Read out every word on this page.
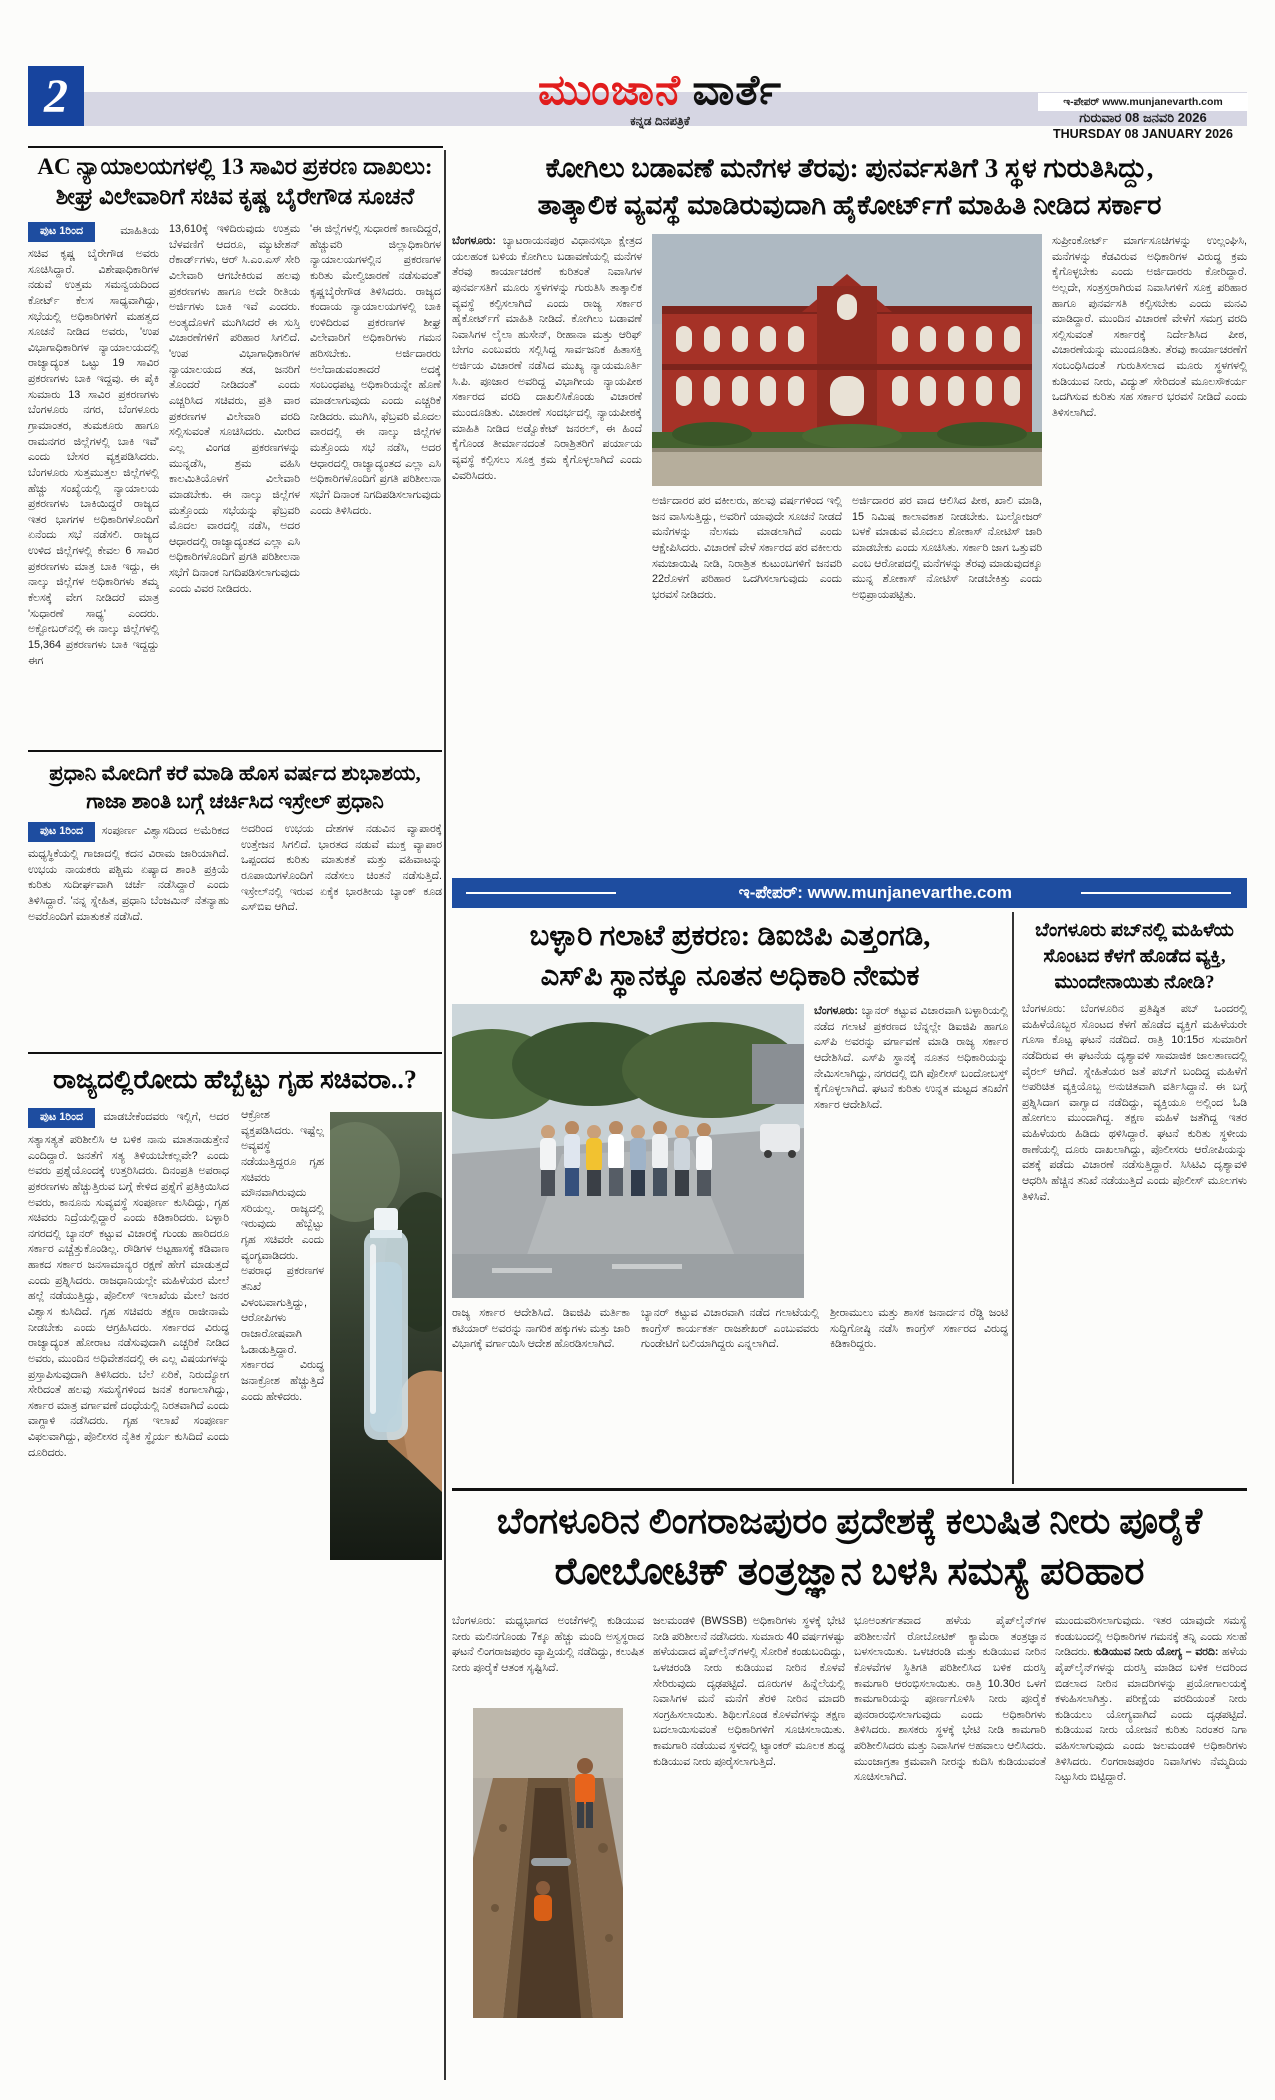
2	ಮುಂಜಾನೆ ವಾರ್ತೆ
ಕನ್ನಡ ದಿನಪತ್ರಿಕೆ
ಇ-ಪೇಪರ್ www.munjanevarth.com
ಗುರುವಾರ 08 ಜನವರಿ 2026
THURSDAY 08 JANUARY 2026
AC ನ್ಯಾಯಾಲಯಗಳಲ್ಲಿ 13 ಸಾವಿರ ಪ್ರಕರಣ ದಾಖಲು:
ಶೀಘ್ರ ವಿಲೇವಾರಿಗೆ ಸಚಿವ ಕೃಷ್ಣ ಬೈರೇಗೌಡ ಸೂಚನೆ
ಪುಟ 1ರಿಂದ	ಮಾಹಿತಿಯ ಸಚಿವ ಕೃಷ್ಣ ಬೈರೇಗೌಡ ಅವರು ಸೂಚಿಸಿದ್ದಾರೆ. ವಿಶೇಷಾಧಿಕಾರಿಗಳ ನಡುವೆ ಉತ್ತಮ ಸಮನ್ವಯದಿಂದ ಕೋರ್ಟ್ ಕೆಲಸ ಸಾಧ್ಯವಾಗಿದ್ದು, ಸಭೆಯಲ್ಲಿ ಅಧಿಕಾರಿಗಳಿಗೆ ಮಹತ್ವದ ಸೂಚನೆ ನೀಡಿದ ಅವರು, 'ಉಪ ವಿಭಾಗಾಧಿಕಾರಿಗಳ ನ್ಯಾಯಾಲಯದಲ್ಲಿ ರಾಜ್ಯಾದ್ಯಂತ ಒಟ್ಟು 19 ಸಾವಿರ ಪ್ರಕರಣಗಳು ಬಾಕಿ ಇದ್ದವು. ಈ ಪೈಕಿ ಸುಮಾರು 13 ಸಾವಿರ ಪ್ರಕರಣಗಳು ಬೆಂಗಳೂರು ನಗರ, ಬೆಂಗಳೂರು ಗ್ರಾಮಾಂತರ, ತುಮಕೂರು ಹಾಗೂ ರಾಮನಗರ ಜಿಲ್ಲೆಗಳಲ್ಲಿ ಬಾಕಿ ಇವೆ' ಎಂದು ಬೇಸರ ವ್ಯಕ್ತಪಡಿಸಿದರು. ಬೆಂಗಳೂರು ಸುತ್ತಮುತ್ತಲ ಜಿಲ್ಲೆಗಳಲ್ಲಿ ಹೆಚ್ಚು ಸಂಖ್ಯೆಯಲ್ಲಿ ನ್ಯಾಯಾಲಯ ಪ್ರಕರಣಗಳು ಬಾಕಿಯಿದ್ದರೆ ರಾಜ್ಯದ ಇತರ ಭಾಗಗಳ ಅಧಿಕಾರಿಗಳೊಂದಿಗೆ ಏನೆಂದು ಸಭೆ ನಡೆಸಲಿ. ರಾಜ್ಯದ ಉಳಿದ ಜಿಲ್ಲೆಗಳಲ್ಲಿ ಕೇವಲ 6 ಸಾವಿರ ಪ್ರಕರಣಗಳು ಮಾತ್ರ ಬಾಕಿ ಇದ್ದು, ಈ ನಾಲ್ಕು ಜಿಲ್ಲೆಗಳ ಅಧಿಕಾರಿಗಳು ತಮ್ಮ ಕೆಲಸಕ್ಕೆ ವೇಗ ನೀಡಿದರೆ ಮಾತ್ರ 'ಸುಧಾರಣೆ ಸಾಧ್ಯ' ಎಂದರು. ಅಕ್ಟೋಬರ್‌ನಲ್ಲಿ ಈ ನಾಲ್ಕು ಜಿಲ್ಲೆಗಳಲ್ಲಿ 15,364 ಪ್ರಕರಣಗಳು ಬಾಕಿ ಇದ್ದದ್ದು ಈಗ
13,610ಕ್ಕೆ ಇಳಿದಿರುವುದು ಉತ್ತಮ ಬೆಳವಣಿಗೆ ಆದರೂ, ಮ್ಯುಟೇಶನ್‌ ರೆಕಾರ್ಡ್‌ಗಳು, ಆರ್ ಸಿ.ಎಂ.ಎಸ್ ಸೇರಿ ವಿಲೇವಾರಿ ಆಗಬೇಕಿರುವ ಹಲವು ಪ್ರಕರಣಗಳು ಹಾಗೂ ಅದೇ ರೀತಿಯ ಅರ್ಜಿಗಳು ಬಾಕಿ ಇವೆ ಎಂದರು. ಅಂತ್ಯದೊಳಗೆ ಮುಗಿಸಿದರೆ ಈ ಸುಸ್ತಿ ವಿಚಾರಣೆಗಳಿಗೆ ಪರಿಹಾರ ಸಿಗಲಿದೆ. 'ಉಪ ವಿಭಾಗಾಧಿಕಾರಿಗಳ ನ್ಯಾಯಾಲಯದ ತಡ, ಜನರಿಗೆ ತೊಂದರೆ ನೀಡಿದಂತೆ' ಎಂದು ಎಚ್ಚರಿಸಿದ ಸಚಿವರು, ಪ್ರತಿ ವಾರ ಪ್ರಕರಣಗಳ ವಿಲೇವಾರಿ ವರದಿ ಸಲ್ಲಿಸುವಂತೆ ಸೂಚಿಸಿದರು. ಮೀರಿದ ಎಲ್ಲ ವಿಂಗಡ ಪ್ರಕರಣಗಳನ್ನು ಮುನ್ನಡೆಸಿ, ಶ್ರಮ ವಹಿಸಿ ಕಾಲಮಿತಿಯೊಳಗೆ ವಿಲೇವಾರಿ ಮಾಡಬೇಕು. ಈ ನಾಲ್ಕು ಜಿಲ್ಲೆಗಳ ಮತ್ತೊಂದು ಸಭೆಯನ್ನು ಫೆಬ್ರವರಿ ಮೊದಲ ವಾರದಲ್ಲಿ ನಡೆಸಿ, ಅದರ ಆಧಾರದಲ್ಲಿ ರಾಜ್ಯಾದ್ಯಂತದ ಎಲ್ಲಾ ಎಸಿ ಅಧಿಕಾರಿಗಳೊಂದಿಗೆ ಪ್ರಗತಿ ಪರಿಶೀಲನಾ ಸಭೆಗೆ ದಿನಾಂಕ ನಿಗದಿಪಡಿಸಲಾಗುವುದು ಎಂದು ವಿವರ ನೀಡಿದರು.
'ಈ ಜಿಲ್ಲೆಗಳಲ್ಲಿ ಸುಧಾರಣೆ ಕಾಣದಿದ್ದರೆ, ಹೆಚ್ಚುವರಿ ಜಿಲ್ಲಾಧಿಕಾರಿಗಳ ನ್ಯಾಯಾಲಯಗಳಲ್ಲಿನ ಪ್ರಕರಣಗಳ ಕುರಿತು ಮೇಲ್ವಿಚಾರಣೆ ನಡೆಸುವಂತೆ' ಕೃಷ್ಣಬೈರೇಗೌಡ ತಿಳಿಸಿದರು. ರಾಜ್ಯದ ಕಂದಾಯ ನ್ಯಾಯಾಲಯಗಳಲ್ಲಿ ಬಾಕಿ ಉಳಿದಿರುವ ಪ್ರಕರಣಗಳ ಶೀಘ್ರ ವಿಲೇವಾರಿಗೆ ಅಧಿಕಾರಿಗಳು ಗಮನ ಹರಿಸಬೇಕು. ಅರ್ಜಿದಾರರು ಅಲೆದಾಡುವಂತಾದರೆ ಅದಕ್ಕೆ ಸಂಬಂಧಪಟ್ಟ ಅಧಿಕಾರಿಯನ್ನೇ ಹೊಣೆ ಮಾಡಲಾಗುವುದು ಎಂದು ಎಚ್ಚರಿಕೆ ನೀಡಿದರು. ಮುಗಿಸಿ, ಫೆಬ್ರವರಿ ಮೊದಲ ವಾರದಲ್ಲಿ ಈ ನಾಲ್ಕು ಜಿಲ್ಲೆಗಳ ಮತ್ತೊಂದು ಸಭೆ ನಡೆಸಿ, ಅದರ ಆಧಾರದಲ್ಲಿ ರಾಜ್ಯಾದ್ಯಂತದ ಎಲ್ಲಾ ಎಸಿ ಅಧಿಕಾರಿಗಳೊಂದಿಗೆ ಪ್ರಗತಿ ಪರಿಶೀಲನಾ ಸಭೆಗೆ ದಿನಾಂಕ ನಿಗದಿಪಡಿಸಲಾಗುವುದು ಎಂದು ತಿಳಿಸಿದರು.
ಪ್ರಧಾನಿ ಮೋದಿಗೆ ಕರೆ ಮಾಡಿ ಹೊಸ ವರ್ಷದ ಶುಭಾಶಯ,
ಗಾಜಾ ಶಾಂತಿ ಬಗ್ಗೆ ಚರ್ಚಿಸಿದ ಇಸ್ರೇಲ್ ಪ್ರಧಾನಿ
ಪುಟ 1ರಿಂದ ಸಂಪೂರ್ಣ ವಿಶ್ವಾಸದಿಂದ ಅಮೆರಿಕದ ಮಧ್ಯಸ್ಥಿಕೆಯಲ್ಲಿ ಗಾಜಾದಲ್ಲಿ ಕದನ ವಿರಾಮ ಜಾರಿಯಾಗಿದೆ. ಉಭಯ ನಾಯಕರು ಪಶ್ಚಿಮ ಏಷ್ಯಾದ ಶಾಂತಿ ಪ್ರಕ್ರಿಯೆ ಕುರಿತು ಸುದೀರ್ಘವಾಗಿ ಚರ್ಚೆ ನಡೆಸಿದ್ದಾರೆ ಎಂದು ತಿಳಿಸಿದ್ದಾರೆ. 'ನನ್ನ ಸ್ನೇಹಿತ, ಪ್ರಧಾನಿ ಬೆಂಜಮಿನ್ ನೆತನ್ಯಾಹು ಅವರೊಂದಿಗೆ ಮಾತುಕತೆ ನಡೆಸಿದೆ.
ಅದರಿಂದ ಉಭಯ ದೇಶಗಳ ನಡುವಿನ ವ್ಯಾಪಾರಕ್ಕೆ ಉತ್ತೇಜನ ಸಿಗಲಿದೆ. ಭಾರತದ ನಡುವೆ ಮುಕ್ತ ವ್ಯಾಪಾರ ಒಪ್ಪಂದದ ಕುರಿತು ಮಾತುಕತೆ ಮತ್ತು ವಹಿವಾಟನ್ನು ರೂಪಾಯಿಗಳೊಂದಿಗೆ ನಡೆಸಲು ಚಿಂತನೆ ನಡೆಸುತ್ತಿದೆ. ಇಸ್ರೇಲ್‌ನಲ್ಲಿ ಇರುವ ಏಕೈಕ ಭಾರತೀಯ ಬ್ಯಾಂಕ್ ಕೂಡ ಎಸ್‌ಬಿಐ ಆಗಿದೆ.
ರಾಜ್ಯದಲ್ಲಿರೋದು ಹೆಬ್ಬೆಟ್ಟು ಗೃಹ ಸಚಿವರಾ..?
ಪುಟ 1ರಿಂದ ಮಾಡಬೇಕೆಂದವರು ಇಲ್ಲಿಗೆ, ಅದರ ಸತ್ಯಾಸತ್ಯತೆ ಪರಿಶೀಲಿಸಿ ಆ ಬಳಿಕ ನಾನು ಮಾತನಾಡುತ್ತೇನೆ ಎಂದಿದ್ದಾರೆ. ಜನತೆಗೆ ಸತ್ಯ ತಿಳಿಯಬೇಕಲ್ಲವೇ? ಎಂದು ಅವರು ಪ್ರಶ್ನೆಯೊಂದಕ್ಕೆ ಉತ್ತರಿಸಿದರು. ದಿನಂಪ್ರತಿ ಅಪರಾಧ ಪ್ರಕರಣಗಳು ಹೆಚ್ಚುತ್ತಿರುವ ಬಗ್ಗೆ ಕೇಳಿದ ಪ್ರಶ್ನೆಗೆ ಪ್ರತಿಕ್ರಿಯಿಸಿದ ಅವರು, ಕಾನೂನು ಸುವ್ಯವಸ್ಥೆ ಸಂಪೂರ್ಣ ಕುಸಿದಿದ್ದು, ಗೃಹ ಸಚಿವರು ನಿದ್ರೆಯಲ್ಲಿದ್ದಾರೆ ಎಂದು ಕಿಡಿಕಾರಿದರು. ಬಳ್ಳಾರಿ ನಗರದಲ್ಲಿ ಬ್ಯಾನರ್ ಕಟ್ಟುವ ವಿಚಾರಕ್ಕೆ ಗುಂಡು ಹಾರಿದರೂ ಸರ್ಕಾರ ಎಚ್ಚೆತ್ತುಕೊಂಡಿಲ್ಲ. ರೌಡಿಗಳ ಅಟ್ಟಹಾಸಕ್ಕೆ ಕಡಿವಾಣ ಹಾಕದ ಸರ್ಕಾರ ಜನಸಾಮಾನ್ಯರ ರಕ್ಷಣೆ ಹೇಗೆ ಮಾಡುತ್ತದೆ ಎಂದು ಪ್ರಶ್ನಿಸಿದರು. ರಾಜಧಾನಿಯಲ್ಲೇ ಮಹಿಳೆಯರ ಮೇಲೆ ಹಲ್ಲೆ ನಡೆಯುತ್ತಿದ್ದು, ಪೊಲೀಸ್ ಇಲಾಖೆಯ ಮೇಲೆ ಜನರ ವಿಶ್ವಾಸ ಕುಸಿದಿದೆ. ಗೃಹ ಸಚಿವರು ತಕ್ಷಣ ರಾಜೀನಾಮೆ ನೀಡಬೇಕು ಎಂದು ಆಗ್ರಹಿಸಿದರು. ಸರ್ಕಾರದ ವಿರುದ್ಧ ರಾಜ್ಯಾದ್ಯಂತ ಹೋರಾಟ ನಡೆಸುವುದಾಗಿ ಎಚ್ಚರಿಕೆ ನೀಡಿದ ಅವರು, ಮುಂದಿನ ಅಧಿವೇಶನದಲ್ಲಿ ಈ ಎಲ್ಲ ವಿಷಯಗಳನ್ನು ಪ್ರಸ್ತಾಪಿಸುವುದಾಗಿ ತಿಳಿಸಿದರು. ಬೆಲೆ ಏರಿಕೆ, ನಿರುದ್ಯೋಗ ಸೇರಿದಂತೆ ಹಲವು ಸಮಸ್ಯೆಗಳಿಂದ ಜನತೆ ಕಂಗಾಲಾಗಿದ್ದು, ಸರ್ಕಾರ ಮಾತ್ರ ವರ್ಗಾವಣೆ ದಂಧೆಯಲ್ಲಿ ನಿರತವಾಗಿದೆ ಎಂದು ವಾಗ್ದಾಳಿ ನಡೆಸಿದರು. ಗೃಹ ಇಲಾಖೆ ಸಂಪೂರ್ಣ ವಿಫಲವಾಗಿದ್ದು, ಪೊಲೀಸರ ನೈತಿಕ ಸ್ಥೈರ್ಯ ಕುಸಿದಿದೆ ಎಂದು ದೂರಿದರು.
ಆಕ್ರೋಶ ವ್ಯಕ್ತಪಡಿಸಿದರು. ಇಷ್ಟೆಲ್ಲ ಅವ್ಯವಸ್ಥೆ ನಡೆಯುತ್ತಿದ್ದರೂ ಗೃಹ ಸಚಿವರು ಮೌನವಾಗಿರುವುದು ಸರಿಯಲ್ಲ. ರಾಜ್ಯದಲ್ಲಿ ಇರುವುದು ಹೆಬ್ಬೆಟ್ಟು ಗೃಹ ಸಚಿವರೇ ಎಂದು ವ್ಯಂಗ್ಯವಾಡಿದರು. ಅಪರಾಧ ಪ್ರಕರಣಗಳ ತನಿಖೆ ವಿಳಂಬವಾಗುತ್ತಿದ್ದು, ಆರೋಪಿಗಳು ರಾಜಾರೋಷವಾಗಿ ಓಡಾಡುತ್ತಿದ್ದಾರೆ. ಸರ್ಕಾರದ ವಿರುದ್ಧ ಜನಾಕ್ರೋಶ ಹೆಚ್ಚುತ್ತಿದೆ ಎಂದು ಹೇಳಿದರು.
ಕೋಗಿಲು ಬಡಾವಣೆ ಮನೆಗಳ ತೆರವು: ಪುನರ್ವಸತಿಗೆ 3 ಸ್ಥಳ ಗುರುತಿಸಿದ್ದು,
ತಾತ್ಕಾಲಿಕ ವ್ಯವಸ್ಥೆ ಮಾಡಿರುವುದಾಗಿ ಹೈಕೋರ್ಟ್‌ಗೆ ಮಾಹಿತಿ ನೀಡಿದ ಸರ್ಕಾರ
ಬೆಂಗಳೂರು: ಬ್ಯಾಟರಾಯನಪುರ ವಿಧಾನಸಭಾ ಕ್ಷೇತ್ರದ ಯಲಹಂಕ ಬಳಿಯ ಕೋಗಿಲು ಬಡಾವಣೆಯಲ್ಲಿ ಮನೆಗಳ ತೆರವು ಕಾರ್ಯಾಚರಣೆ ಕುರಿತಂತೆ ನಿವಾಸಿಗಳ ಪುನರ್ವಸತಿಗೆ ಮೂರು ಸ್ಥಳಗಳನ್ನು ಗುರುತಿಸಿ ತಾತ್ಕಾಲಿಕ ವ್ಯವಸ್ಥೆ ಕಲ್ಪಿಸಲಾಗಿದೆ ಎಂದು ರಾಜ್ಯ ಸರ್ಕಾರ ಹೈಕೋರ್ಟ್‌ಗೆ ಮಾಹಿತಿ ನೀಡಿದೆ. ಕೋಗಿಲು ಬಡಾವಣೆ ನಿವಾಸಿಗಳ ಲೈಲಾ ಹುಸೇನ್, ರೀಹಾನಾ ಮತ್ತು ಆರಿಫ್ ಬೇಗಂ ಎಂಬುವರು ಸಲ್ಲಿಸಿದ್ದ ಸಾರ್ವಜನಿಕ ಹಿತಾಸಕ್ತಿ ಅರ್ಜಿಯ ವಿಚಾರಣೆ ನಡೆಸಿದ ಮುಖ್ಯ ನ್ಯಾಯಮೂರ್ತಿ ಸಿ.ಪಿ. ಪೂಜಾರ ಅವರಿದ್ದ ವಿಭಾಗೀಯ ನ್ಯಾಯಪೀಠ ಸರ್ಕಾರದ ವರದಿ ದಾಖಲಿಸಿಕೊಂಡು ವಿಚಾರಣೆ ಮುಂದೂಡಿತು. ವಿಚಾರಣೆ ಸಂದರ್ಭದಲ್ಲಿ ನ್ಯಾಯಪೀಠಕ್ಕೆ ಮಾಹಿತಿ ನೀಡಿದ ಅಡ್ವೊಕೇಟ್ ಜನರಲ್, ಈ ಹಿಂದೆ ಕೈಗೊಂಡ ತೀರ್ಮಾನದಂತೆ ನಿರಾಶ್ರಿತರಿಗೆ ಪರ್ಯಾಯ ವ್ಯವಸ್ಥೆ ಕಲ್ಪಿಸಲು ಸೂಕ್ತ ಕ್ರಮ ಕೈಗೊಳ್ಳಲಾಗಿದೆ ಎಂದು ವಿವರಿಸಿದರು.
ಅರ್ಜಿದಾರರ ಪರ ವಕೀಲರು, ಹಲವು ವರ್ಷಗಳಿಂದ ಇಲ್ಲಿ ಜನ ವಾಸಿಸುತ್ತಿದ್ದು, ಅವರಿಗೆ ಯಾವುದೇ ಸೂಚನೆ ನೀಡದೆ ಮನೆಗಳನ್ನು ನೆಲಸಮ ಮಾಡಲಾಗಿದೆ ಎಂದು ಆಕ್ಷೇಪಿಸಿದರು. ವಿಚಾರಣೆ ವೇಳೆ ಸರ್ಕಾರದ ಪರ ವಕೀಲರು ಸಮಜಾಯಿಷಿ ನೀಡಿ, ನಿರಾಶ್ರಿತ ಕುಟುಂಬಗಳಿಗೆ ಜನವರಿ 22ರೊಳಗೆ ಪರಿಹಾರ ಒದಗಿಸಲಾಗುವುದು ಎಂದು ಭರವಸೆ ನೀಡಿದರು.
ಅರ್ಜಿದಾರರ ಪರ ವಾದ ಆಲಿಸಿದ ಪೀಠ, ಖಾಲಿ ಮಾಡಿ, 15 ನಿಮಿಷ ಕಾಲಾವಕಾಶ ನೀಡಬೇಕು. ಬುಲ್ಡೋಜರ್ ಬಳಕೆ ಮಾಡುವ ಮೊದಲು ಶೋಕಾಸ್ ನೋಟಿಸ್ ಜಾರಿ ಮಾಡಬೇಕು ಎಂದು ಸೂಚಿಸಿತು. ಸರ್ಕಾರಿ ಜಾಗ ಒತ್ತುವರಿ ಎಂಬ ಆರೋಪದಲ್ಲಿ ಮನೆಗಳನ್ನು ತೆರವು ಮಾಡುವುದಕ್ಕೂ ಮುನ್ನ ಶೋಕಾಸ್ ನೋಟಿಸ್ ನೀಡಬೇಕಿತ್ತು ಎಂದು ಅಭಿಪ್ರಾಯಪಟ್ಟಿತು.
ಸುಪ್ರೀಂಕೋರ್ಟ್ ಮಾರ್ಗಸೂಚಿಗಳನ್ನು ಉಲ್ಲಂಘಿಸಿ, ಮನೆಗಳನ್ನು ಕೆಡವಿರುವ ಅಧಿಕಾರಿಗಳ ವಿರುದ್ಧ ಕ್ರಮ ಕೈಗೊಳ್ಳಬೇಕು ಎಂದು ಅರ್ಜಿದಾರರು ಕೋರಿದ್ದಾರೆ. ಅಲ್ಲದೇ, ಸಂತ್ರಸ್ತರಾಗಿರುವ ನಿವಾಸಿಗಳಿಗೆ ಸೂಕ್ತ ಪರಿಹಾರ ಹಾಗೂ ಪುನರ್ವಸತಿ ಕಲ್ಪಿಸಬೇಕು ಎಂದು ಮನವಿ ಮಾಡಿದ್ದಾರೆ. ಮುಂದಿನ ವಿಚಾರಣೆ ವೇಳೆಗೆ ಸಮಗ್ರ ವರದಿ ಸಲ್ಲಿಸುವಂತೆ ಸರ್ಕಾರಕ್ಕೆ ನಿರ್ದೇಶಿಸಿದ ಪೀಠ, ವಿಚಾರಣೆಯನ್ನು ಮುಂದೂಡಿತು. ತೆರವು ಕಾರ್ಯಾಚರಣೆಗೆ ಸಂಬಂಧಿಸಿದಂತೆ ಗುರುತಿಸಲಾದ ಮೂರು ಸ್ಥಳಗಳಲ್ಲಿ ಕುಡಿಯುವ ನೀರು, ವಿದ್ಯುತ್ ಸೇರಿದಂತೆ ಮೂಲಸೌಕರ್ಯ ಒದಗಿಸುವ ಕುರಿತು ಸಹ ಸರ್ಕಾರ ಭರವಸೆ ನೀಡಿದೆ ಎಂದು ತಿಳಿಸಲಾಗಿದೆ.
ಇ-ಪೇಪರ್: www.munjanevarthe.com
ಬಳ್ಳಾರಿ ಗಲಾಟೆ ಪ್ರಕರಣ: ಡಿಐಜಿಪಿ ಎತ್ತಂಗಡಿ,
ಎಸ್‌ಪಿ ಸ್ಥಾನಕ್ಕೂ ನೂತನ ಅಧಿಕಾರಿ ನೇಮಕ
ಬೆಂಗಳೂರು: ಬ್ಯಾನರ್ ಕಟ್ಟುವ ವಿಚಾರವಾಗಿ ಬಳ್ಳಾರಿಯಲ್ಲಿ ನಡೆದ ಗಲಾಟೆ ಪ್ರಕರಣದ ಬೆನ್ನಲ್ಲೇ ಡಿಐಜಿಪಿ ಹಾಗೂ ಎಸ್‌ಪಿ ಅವರನ್ನು ವರ್ಗಾವಣೆ ಮಾಡಿ ರಾಜ್ಯ ಸರ್ಕಾರ ಆದೇಶಿಸಿದೆ. ಎಸ್‌ಪಿ ಸ್ಥಾನಕ್ಕೆ ನೂತನ ಅಧಿಕಾರಿಯನ್ನು ನೇಮಿಸಲಾಗಿದ್ದು, ನಗರದಲ್ಲಿ ಬಿಗಿ ಪೊಲೀಸ್ ಬಂದೋಬಸ್ತ್ ಕೈಗೊಳ್ಳಲಾಗಿದೆ. ಘಟನೆ ಕುರಿತು ಉನ್ನತ ಮಟ್ಟದ ತನಿಖೆಗೆ ಸರ್ಕಾರ ಆದೇಶಿಸಿದೆ.
ರಾಜ್ಯ ಸರ್ಕಾರ ಆದೇಶಿಸಿದೆ. ಡಿಐಜಿಪಿ ಮರ್ತಿಕಾ ಕಟಿಯಾರ್ ಅವರನ್ನು ನಾಗರಿಕ ಹಕ್ಕುಗಳು ಮತ್ತು ಜಾರಿ ವಿಭಾಗಕ್ಕೆ ವರ್ಗಾಯಿಸಿ ಆದೇಶ ಹೊರಡಿಸಲಾಗಿದೆ.
ಬ್ಯಾನರ್ ಕಟ್ಟುವ ವಿಚಾರವಾಗಿ ನಡೆದ ಗಲಾಟೆಯಲ್ಲಿ ಕಾಂಗ್ರೆಸ್ ಕಾರ್ಯಕರ್ತ ರಾಜಶೇಖರ್ ಎಂಬುವವರು ಗುಂಡೇಟಿಗೆ ಬಲಿಯಾಗಿದ್ದರು ಎನ್ನಲಾಗಿದೆ.
ಶ್ರೀರಾಮುಲು ಮತ್ತು ಶಾಸಕ ಜನಾರ್ದನ ರೆಡ್ಡಿ ಜಂಟಿ ಸುದ್ದಿಗೋಷ್ಠಿ ನಡೆಸಿ ಕಾಂಗ್ರೆಸ್ ಸರ್ಕಾರದ ವಿರುದ್ಧ ಕಿಡಿಕಾರಿದ್ದರು.
ಬೆಂಗಳೂರು ಪಬ್‌ನಲ್ಲಿ ಮಹಿಳೆಯ
ಸೊಂಟದ ಕೆಳಗೆ ಹೊಡೆದ ವ್ಯಕ್ತಿ,
ಮುಂದೇನಾಯಿತು ನೋಡಿ?
ಬೆಂಗಳೂರು: ಬೆಂಗಳೂರಿನ ಪ್ರತಿಷ್ಠಿತ ಪಬ್ ಒಂದರಲ್ಲಿ ಮಹಿಳೆಯೊಬ್ಬರ ಸೊಂಟದ ಕೆಳಗೆ ಹೊಡೆದ ವ್ಯಕ್ತಿಗೆ ಮಹಿಳೆಯರೇ ಗೂಸಾ ಕೊಟ್ಟ ಘಟನೆ ನಡೆದಿದೆ. ರಾತ್ರಿ 10:15ರ ಸುಮಾರಿಗೆ ನಡೆದಿರುವ ಈ ಘಟನೆಯ ದೃಶ್ಯಾವಳಿ ಸಾಮಾಜಿಕ ಜಾಲತಾಣದಲ್ಲಿ ವೈರಲ್ ಆಗಿದೆ. ಸ್ನೇಹಿತೆಯರ ಜತೆ ಪಬ್‌ಗೆ ಬಂದಿದ್ದ ಮಹಿಳೆಗೆ ಅಪರಿಚಿತ ವ್ಯಕ್ತಿಯೊಬ್ಬ ಅನುಚಿತವಾಗಿ ವರ್ತಿಸಿದ್ದಾನೆ. ಈ ಬಗ್ಗೆ ಪ್ರಶ್ನಿಸಿದಾಗ ವಾಗ್ವಾದ ನಡೆದಿದ್ದು, ವ್ಯಕ್ತಿಯೂ ಅಲ್ಲಿಂದ ಓಡಿ ಹೋಗಲು ಮುಂದಾಗಿದ್ದ. ತಕ್ಷಣ ಮಹಿಳೆ ಜತೆಗಿದ್ದ ಇತರ ಮಹಿಳೆಯರು ಹಿಡಿದು ಥಳಿಸಿದ್ದಾರೆ. ಘಟನೆ ಕುರಿತು ಸ್ಥಳೀಯ ಠಾಣೆಯಲ್ಲಿ ದೂರು ದಾಖಲಾಗಿದ್ದು, ಪೊಲೀಸರು ಆರೋಪಿಯನ್ನು ವಶಕ್ಕೆ ಪಡೆದು ವಿಚಾರಣೆ ನಡೆಸುತ್ತಿದ್ದಾರೆ. ಸಿಸಿಟಿವಿ ದೃಶ್ಯಾವಳಿ ಆಧರಿಸಿ ಹೆಚ್ಚಿನ ತನಿಖೆ ನಡೆಯುತ್ತಿದೆ ಎಂದು ಪೊಲೀಸ್ ಮೂಲಗಳು ತಿಳಿಸಿವೆ.
ಬೆಂಗಳೂರಿನ ಲಿಂಗರಾಜಪುರಂ ಪ್ರದೇಶಕ್ಕೆ ಕಲುಷಿತ ನೀರು ಪೂರೈಕೆ
ರೋಬೋಟಿಕ್ ತಂತ್ರಜ್ಞಾನ ಬಳಸಿ ಸಮಸ್ಯೆ ಪರಿಹಾರ
ಬೆಂಗಳೂರು: ಮಧ್ಯಭಾಗದ ಅಂಚೆಗಳಲ್ಲಿ ಕುಡಿಯುವ ನೀರು ಮಲಿನಗೊಂಡು 7ಕ್ಕೂ ಹೆಚ್ಚು ಮಂದಿ ಅಸ್ವಸ್ಥರಾದ ಘಟನೆ ಲಿಂಗರಾಜಪುರಂ ವ್ಯಾಪ್ತಿಯಲ್ಲಿ ನಡೆದಿದ್ದು, ಕಲುಷಿತ ನೀರು ಪೂರೈಕೆ ಆತಂಕ ಸೃಷ್ಟಿಸಿದೆ.
ಜಲಮಂಡಳಿ (BWSSB) ಅಧಿಕಾರಿಗಳು ಸ್ಥಳಕ್ಕೆ ಭೇಟಿ ನೀಡಿ ಪರಿಶೀಲನೆ ನಡೆಸಿದರು. ಸುಮಾರು 40 ವರ್ಷಗಳಷ್ಟು ಹಳೆಯದಾದ ಪೈಪ್‌ಲೈನ್‌ಗಳಲ್ಲಿ ಸೋರಿಕೆ ಕಂಡುಬಂದಿದ್ದು, ಒಳಚರಂಡಿ ನೀರು ಕುಡಿಯುವ ನೀರಿನ ಕೊಳವೆ ಸೇರಿರುವುದು ದೃಢಪಟ್ಟಿದೆ. ದೂರುಗಳ ಹಿನ್ನೆಲೆಯಲ್ಲಿ ನಿವಾಸಿಗಳ ಮನೆ ಮನೆಗೆ ತೆರಳಿ ನೀರಿನ ಮಾದರಿ ಸಂಗ್ರಹಿಸಲಾಯಿತು. ಶಿಥಿಲಗೊಂಡ ಕೊಳವೆಗಳನ್ನು ತಕ್ಷಣ ಬದಲಾಯಿಸುವಂತೆ ಅಧಿಕಾರಿಗಳಿಗೆ ಸೂಚಿಸಲಾಯಿತು. ಕಾಮಗಾರಿ ನಡೆಯುವ ಸ್ಥಳದಲ್ಲಿ ಟ್ಯಾಂಕರ್ ಮೂಲಕ ಶುದ್ಧ ಕುಡಿಯುವ ನೀರು ಪೂರೈಸಲಾಗುತ್ತಿದೆ.
ಭೂಅಂತರ್ಗತವಾದ ಹಳೆಯ ಪೈಪ್‌ಲೈನ್‌ಗಳ ಪರಿಶೀಲನೆಗೆ ರೋಬೋಟಿಕ್ ಕ್ಯಾಮೆರಾ ತಂತ್ರಜ್ಞಾನ ಬಳಸಲಾಯಿತು. ಒಳಚರಂಡಿ ಮತ್ತು ಕುಡಿಯುವ ನೀರಿನ ಕೊಳವೆಗಳ ಸ್ಥಿತಿಗತಿ ಪರಿಶೀಲಿಸಿದ ಬಳಿಕ ದುರಸ್ತಿ ಕಾಮಗಾರಿ ಆರಂಭಿಸಲಾಯಿತು. ರಾತ್ರಿ 10.30ರ ಒಳಗೆ ಕಾಮಗಾರಿಯನ್ನು ಪೂರ್ಣಗೊಳಿಸಿ ನೀರು ಪೂರೈಕೆ ಪುನರಾರಂಭಿಸಲಾಗುವುದು ಎಂದು ಅಧಿಕಾರಿಗಳು ತಿಳಿಸಿದರು. ಶಾಸಕರು ಸ್ಥಳಕ್ಕೆ ಭೇಟಿ ನೀಡಿ ಕಾಮಗಾರಿ ಪರಿಶೀಲಿಸಿದರು ಮತ್ತು ನಿವಾಸಿಗಳ ಅಹವಾಲು ಆಲಿಸಿದರು. ಮುಂಜಾಗ್ರತಾ ಕ್ರಮವಾಗಿ ನೀರನ್ನು ಕುದಿಸಿ ಕುಡಿಯುವಂತೆ ಸೂಚಿಸಲಾಗಿದೆ.
ಮುಂದುವರಿಸಲಾಗುವುದು. ಇತರ ಯಾವುದೇ ಸಮಸ್ಯೆ ಕಂಡುಬಂದಲ್ಲಿ ಅಧಿಕಾರಿಗಳ ಗಮನಕ್ಕೆ ತನ್ನಿ ಎಂದು ಸಲಹೆ ನೀಡಿದರು. ಕುಡಿಯುವ ನೀರು ಯೋಗ್ಯ – ವರದಿ: ಹಳೆಯ ಪೈಪ್‌ಲೈನ್‌ಗಳನ್ನು ದುರಸ್ತಿ ಮಾಡಿದ ಬಳಿಕ ಅದರಿಂದ ಬಿಡಲಾದ ನೀರಿನ ಮಾದರಿಗಳನ್ನು ಪ್ರಯೋಗಾಲಯಕ್ಕೆ ಕಳುಹಿಸಲಾಗಿತ್ತು. ಪರೀಕ್ಷೆಯ ವರದಿಯಂತೆ ನೀರು ಕುಡಿಯಲು ಯೋಗ್ಯವಾಗಿದೆ ಎಂದು ದೃಢಪಟ್ಟಿದೆ. ಕುಡಿಯುವ ನೀರು ಯೋಜನೆ ಕುರಿತು ನಿರಂತರ ನಿಗಾ ವಹಿಸಲಾಗುವುದು ಎಂದು ಜಲಮಂಡಳಿ ಅಧಿಕಾರಿಗಳು ತಿಳಿಸಿದರು. ಲಿಂಗರಾಜಪುರಂ ನಿವಾಸಿಗಳು ನೆಮ್ಮದಿಯ ನಿಟ್ಟುಸಿರು ಬಿಟ್ಟಿದ್ದಾರೆ.
